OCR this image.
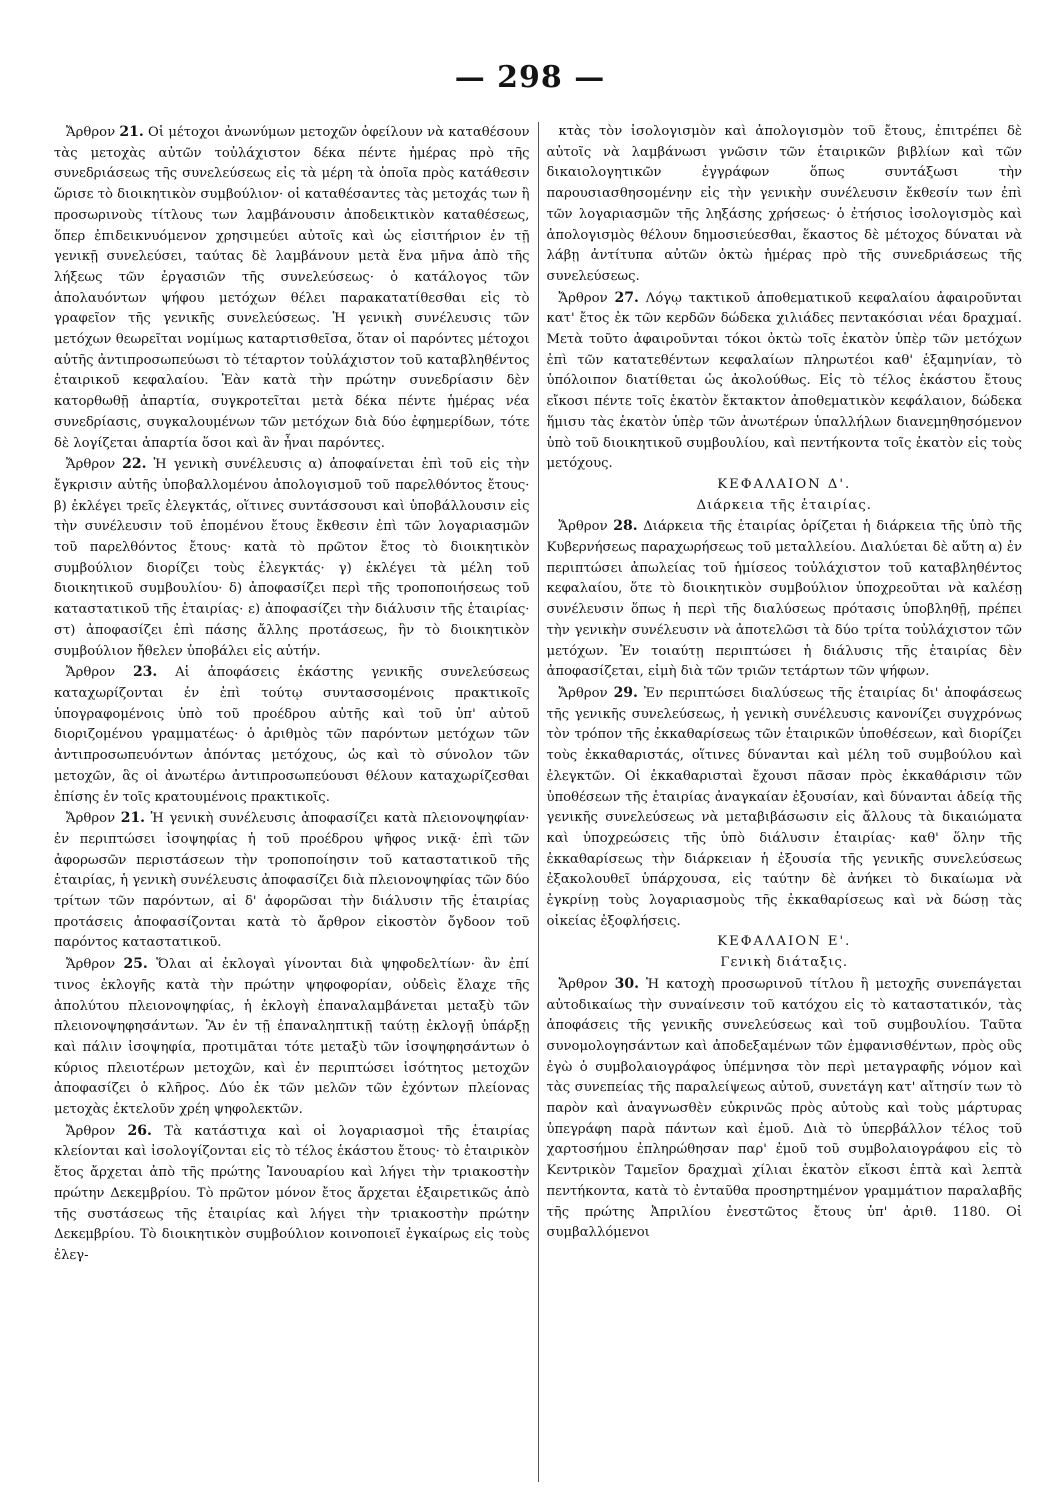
— 298 —

Ἄρθρον 21. Οἱ μέτοχοι ἀνωνύμων μετοχῶν ὀφείλουν νὰ καταθέσουν τὰς μετοχὰς αὐτῶν τοὐλάχιστον δέκα πέντε ἡμέρας πρὸ τῆς συνεδριάσεως τῆς συνελεύσεως εἰς τὰ μέρη τὰ ὁποῖα πρὸς κατάθεσιν ὥρισε τὸ διοικητικὸν συμβούλιον· οἱ καταθέσαντες τὰς μετοχάς των ἢ προσωρινοὺς τίτλους των λαμβάνουσιν ἀποδεικτικὸν καταθέσεως, ὅπερ ἐπιδεικνυόμενον χρησιμεύει αὐτοῖς καὶ ὡς εἰσιτήριον ἐν τῇ γενικῇ συνελεύσει, ταύτας δὲ λαμβάνουν μετὰ ἕνα μῆνα ἀπὸ τῆς λήξεως τῶν ἐργασιῶν τῆς συνελεύσεως· ὁ κατάλογος τῶν ἀπολαυόντων ψήφου μετόχων θέλει παρακατατίθεσθαι εἰς τὸ γραφεῖον τῆς γενικῆς συνελεύσεως. Ἡ γενικὴ συνέλευσις τῶν μετόχων θεωρεῖται νομίμως καταρτισθεῖσα, ὅταν οἱ παρόντες μέτοχοι αὐτῆς ἀντιπροσωπεύωσι τὸ τέταρτον τοὐλάχιστον τοῦ καταβληθέντος ἑταιρικοῦ κεφαλαίου. Ἐὰν κατὰ τὴν πρώτην συνεδρίασιν δὲν κατορθωθῇ ἀπαρτία, συγκροτεῖται μετὰ δέκα πέντε ἡμέρας νέα συνεδρίασις, συγκαλουμένων τῶν μετόχων διὰ δύο ἐφημερίδων, τότε δὲ λογίζεται ἀπαρτία ὅσοι καὶ ἂν ἦναι παρόντες.

Ἄρθρον 22. Ἡ γενικὴ συνέλευσις α) ἀποφαίνεται ἐπὶ τοῦ εἰς τὴν ἔγκρισιν αὐτῆς ὑποβαλλομένου ἀπολογισμοῦ τοῦ παρελθόντος ἔτους· β) ἐκλέγει τρεῖς ἐλεγκτάς, οἵτινες συντάσσουσι καὶ ὑποβάλλουσιν εἰς τὴν συνέλευσιν τοῦ ἐπομένου ἔτους ἔκθεσιν ἐπὶ τῶν λογαριασμῶν τοῦ παρελθόντος ἔτους· κατὰ τὸ πρῶτον ἔτος τὸ διοικητικὸν συμβούλιον διορίζει τοὺς ἐλεγκτάς· γ) ἐκλέγει τὰ μέλη τοῦ διοικητικοῦ συμβουλίου· δ) ἀποφασίζει περὶ τῆς τροποποιήσεως τοῦ καταστατικοῦ τῆς ἑταιρίας· ε) ἀποφασίζει τὴν διάλυσιν τῆς ἑταιρίας· στ) ἀποφασίζει ἐπὶ πάσης ἄλλης προτάσεως, ἣν τὸ διοικητικὸν συμβούλιον ἤθελεν ὑποβάλει εἰς αὐτήν.

Ἄρθρον 23. Αἱ ἀποφάσεις ἑκάστης γενικῆς συνελεύσεως καταχωρίζονται ἐν ἐπὶ τούτῳ συντασσομένοις πρακτικοῖς ὑπογραφομένοις ὑπὸ τοῦ προέδρου αὐτῆς καὶ τοῦ ὑπ' αὐτοῦ διοριζομένου γραμματέως· ὁ ἀριθμὸς τῶν παρόντων μετόχων τῶν ἀντιπροσωπευόντων ἀπόντας μετόχους, ὡς καὶ τὸ σύνολον τῶν μετοχῶν, ἃς οἱ ἀνωτέρω ἀντιπροσωπεύουσι θέλουν καταχωρίζεσθαι ἐπίσης ἐν τοῖς κρατουμένοις πρακτικοῖς.

Ἄρθρον 21. Ἡ γενικὴ συνέλευσις ἀποφασίζει κατὰ πλειονοψηφίαν· ἐν περιπτώσει ἰσοψηφίας ἡ τοῦ προέδρου ψῆφος νικᾷ· ἐπὶ τῶν ἀφορωσῶν περιστάσεων τὴν τροποποίησιν τοῦ καταστατικοῦ τῆς ἑταιρίας, ἡ γενικὴ συνέλευσις ἀποφασίζει διὰ πλειονοψηφίας τῶν δύο τρίτων τῶν παρόντων, αἱ δ' ἀφορῶσαι τὴν διάλυσιν τῆς ἑταιρίας προτάσεις ἀποφασίζονται κατὰ τὸ ἄρθρον εἰκοστὸν ὄγδοον τοῦ παρόντος καταστατικοῦ.

Ἄρθρον 25. Ὅλαι αἱ ἐκλογαὶ γίνονται διὰ ψηφοδελτίων· ἂν ἐπί τινος ἐκλογῆς κατὰ τὴν πρώτην ψηφοφορίαν, οὐδεὶς ἔλαχε τῆς ἀπολύτου πλειονοψηφίας, ἡ ἐκλογὴ ἐπαναλαμβάνεται μεταξὺ τῶν πλειονοψηφησάντων. Ἂν ἐν τῇ ἐπαναληπτικῇ ταύτῃ ἐκλογῇ ὑπάρξῃ καὶ πάλιν ἰσοψηφία, προτιμᾶται τότε μεταξὺ τῶν ἰσοψηφησάντων ὁ κύριος πλειοτέρων μετοχῶν, καὶ ἐν περιπτώσει ἰσότητος μετοχῶν ἀποφασίζει ὁ κλῆρος. Δύο ἐκ τῶν μελῶν τῶν ἐχόντων πλείονας μετοχὰς ἐκτελοῦν χρέη ψηφολεκτῶν.

Ἄρθρον 26. Τὰ κατάστιχα καὶ οἱ λογαριασμοὶ τῆς ἑταιρίας κλείονται καὶ ἰσολογίζονται εἰς τὸ τέλος ἑκάστου ἔτους· τὸ ἑταιρικὸν ἔτος ἄρχεται ἀπὸ τῆς πρώτης Ἰανουαρίου καὶ λήγει τὴν τριακοστὴν πρώτην Δεκεμβρίου. Τὸ πρῶτον μόνον ἔτος ἄρχεται ἐξαιρετικῶς ἀπὸ τῆς συστάσεως τῆς ἑταιρίας καὶ λήγει τὴν τριακοστὴν πρώτην Δεκεμβρίου. Τὸ διοικητικὸν συμβούλιον κοινοποιεῖ ἐγκαίρως εἰς τοὺς ἐλεγ-

κτὰς τὸν ἰσολογισμὸν καὶ ἀπολογισμὸν τοῦ ἔτους, ἐπιτρέπει δὲ αὐτοῖς νὰ λαμβάνωσι γνῶσιν τῶν ἑταιρικῶν βιβλίων καὶ τῶν δικαιολογητικῶν ἐγγράφων ὅπως συντάξωσι τὴν παρουσιασθησομένην εἰς τὴν γενικὴν συνέλευσιν ἔκθεσίν των ἐπὶ τῶν λογαριασμῶν τῆς ληξάσης χρήσεως· ὁ ἐτήσιος ἰσολογισμὸς καὶ ἀπολογισμὸς θέλουν δημοσιεύεσθαι, ἕκαστος δὲ μέτοχος δύναται νὰ λάβῃ ἀντίτυπα αὐτῶν ὀκτὼ ἡμέρας πρὸ τῆς συνεδριάσεως τῆς συνελεύσεως.

Ἄρθρον 27. Λόγῳ τακτικοῦ ἀποθεματικοῦ κεφαλαίου ἀφαιροῦνται κατ' ἔτος ἐκ τῶν κερδῶν δώδεκα χιλιάδες πεντακόσιαι νέαι δραχμαί. Μετὰ τοῦτο ἀφαιροῦνται τόκοι ὀκτὼ τοῖς ἑκατὸν ὑπὲρ τῶν μετόχων ἐπὶ τῶν κατατεθέντων κεφαλαίων πληρωτέοι καθ' ἑξαμηνίαν, τὸ ὑπόλοιπον διατίθεται ὡς ἀκολούθως. Εἰς τὸ τέλος ἑκάστου ἔτους εἴκοσι πέντε τοῖς ἑκατὸν ἔκτακτον ἀποθεματικὸν κεφάλαιον, δώδεκα ἥμισυ τὰς ἑκατὸν ὑπὲρ τῶν ἀνωτέρων ὑπαλλήλων διανεμηθησόμενον ὑπὸ τοῦ διοικητικοῦ συμβουλίου, καὶ πεντήκοντα τοῖς ἑκατὸν εἰς τοὺς μετόχους.

ΚΕΦΑΛΑΙΟΝ Δ'.

Διάρκεια τῆς ἑταιρίας.

Ἄρθρον 28. Διάρκεια τῆς ἑταιρίας ὁρίζεται ἡ διάρκεια τῆς ὑπὸ τῆς Κυβερνήσεως παραχωρήσεως τοῦ μεταλλείου. Διαλύεται δὲ αὕτη α) ἐν περιπτώσει ἀπωλείας τοῦ ἡμίσεος τοὐλάχιστον τοῦ καταβληθέντος κεφαλαίου, ὅτε τὸ διοικητικὸν συμβούλιον ὑποχρεοῦται νὰ καλέσῃ συνέλευσιν ὅπως ἡ περὶ τῆς διαλύσεως πρότασις ὑποβληθῇ, πρέπει τὴν γενικὴν συνέλευσιν νὰ ἀποτελῶσι τὰ δύο τρίτα τοὐλάχιστον τῶν μετόχων. Ἐν τοιαύτῃ περιπτώσει ἡ διάλυσις τῆς ἑταιρίας δὲν ἀποφασίζεται, εἰμὴ διὰ τῶν τριῶν τετάρτων τῶν ψήφων.

Ἄρθρον 29. Ἐν περιπτώσει διαλύσεως τῆς ἑταιρίας δι' ἀποφάσεως τῆς γενικῆς συνελεύσεως, ἡ γενικὴ συνέλευσις κανονίζει συγχρόνως τὸν τρόπον τῆς ἐκκαθαρίσεως τῶν ἑταιρικῶν ὑποθέσεων, καὶ διορίζει τοὺς ἐκκαθαριστάς, οἵτινες δύνανται καὶ μέλη τοῦ συμβούλου καὶ ἐλεγκτῶν. Οἱ ἐκκαθαρισταὶ ἔχουσι πᾶσαν πρὸς ἐκκαθάρισιν τῶν ὑποθέσεων τῆς ἑταιρίας ἀναγκαίαν ἐξουσίαν, καὶ δύνανται ἀδείᾳ τῆς γενικῆς συνελεύσεως νὰ μεταβιβάσωσιν εἰς ἄλλους τὰ δικαιώματα καὶ ὑποχρεώσεις τῆς ὑπὸ διάλυσιν ἑταιρίας· καθ' ὅλην τῆς ἐκκαθαρίσεως τὴν διάρκειαν ἡ ἐξουσία τῆς γενικῆς συνελεύσεως ἐξακολουθεῖ ὑπάρχουσα, εἰς ταύτην δὲ ἀνήκει τὸ δικαίωμα νὰ ἐγκρίνῃ τοὺς λογαριασμοὺς τῆς ἐκκαθαρίσεως καὶ νὰ δώσῃ τὰς οἰκείας ἐξοφλήσεις.

ΚΕΦΑΛΑΙΟΝ Ε'.

Γενικὴ διάταξις.

Ἄρθρον 30. Ἡ κατοχὴ προσωρινοῦ τίτλου ἢ μετοχῆς συνεπάγεται αὐτοδικαίως τὴν συναίνεσιν τοῦ κατόχου εἰς τὸ καταστατικόν, τὰς ἀποφάσεις τῆς γενικῆς συνελεύσεως καὶ τοῦ συμβουλίου. Ταῦτα συνομολογησάντων καὶ ἀποδεξαμένων τῶν ἐμφανισθέντων, πρὸς οὓς ἐγὼ ὁ συμβολαιογράφος ὑπέμνησα τὸν περὶ μεταγραφῆς νόμον καὶ τὰς συνεπείας τῆς παραλείψεως αὐτοῦ, συνετάγη κατ' αἴτησίν των τὸ παρὸν καὶ ἀναγνωσθὲν εὐκρινῶς πρὸς αὐτοὺς καὶ τοὺς μάρτυρας ὑπεγράφη παρὰ πάντων καὶ ἐμοῦ. Διὰ τὸ ὑπερβάλλον τέλος τοῦ χαρτοσήμου ἐπληρώθησαν παρ' ἐμοῦ τοῦ συμβολαιογράφου εἰς τὸ Κεντρικὸν Ταμεῖον δραχμαὶ χίλιαι ἑκατὸν εἴκοσι ἑπτὰ καὶ λεπτὰ πεντήκοντα, κατὰ τὸ ἐνταῦθα προσηρτημένον γραμμάτιον παραλαβῆς τῆς πρώτης Ἀπριλίου ἐνεστῶτος ἔτους ὑπ' ἀριθ. 1180. Οἱ συμβαλλόμενοι
